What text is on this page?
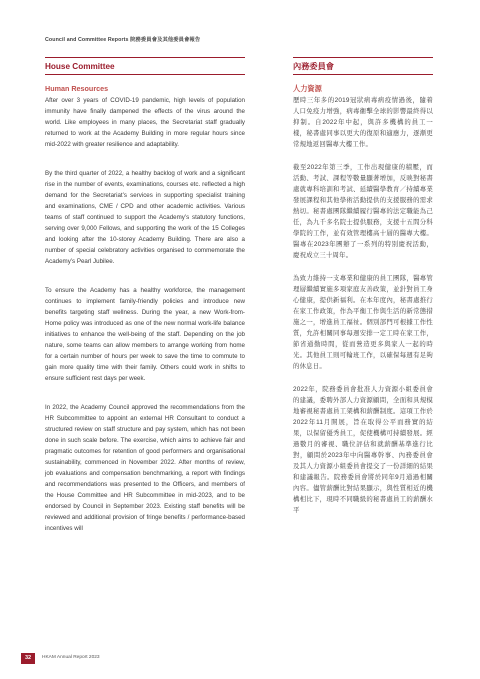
Council and Committee Reports 院務委員會及其他委員會報告
House Committee
Human Resources

After over 3 years of COVID-19 pandemic, high levels of population immunity have finally dampened the effects of the virus around the world. Like employees in many places, the Secretariat staff gradually returned to work at the Academy Building in more regular hours since mid-2022 with greater resilience and adaptability.

By the third quarter of 2022, a healthy backlog of work and a significant rise in the number of events, examinations, courses etc. reflected a high demand for the Secretariat’s services in supporting specialist training and examinations, CME / CPD and other academic activities. Various teams of staff continued to support the Academy’s statutory functions, serving over 9,000 Fellows, and supporting the work of the 15 Colleges and looking after the 10-storey Academy Building. There are also a number of special celebratory activities organised to commemorate the Academy’s Pearl Jubilee.

To ensure the Academy has a healthy workforce, the management continues to implement family-friendly policies and introduce new benefits targeting staff wellness. During the year, a new Work-from-Home policy was introduced as one of the new normal work-life balance initiatives to enhance the well-being of the staff. Depending on the job nature, some teams can allow members to arrange working from home for a certain number of hours per week to save the time to commute to gain more quality time with their family. Others could work in shifts to ensure sufficient rest days per week.

In 2022, the Academy Council approved the recommendations from the HR Subcommittee to appoint an external HR Consultant to conduct a structured review on staff structure and pay system, which has not been done in such scale before. The exercise, which aims to achieve fair and pragmatic outcomes for retention of good performers and organisational sustainability, commenced in November 2022. After months of review, job evaluations and compensation benchmarking, a report with findings and recommendations was presented to the Officers, and members of the House Committee and HR Subcommittee in mid-2023, and to be endorsed by Council in September 2023. Existing staff benefits will be reviewed and additional provision of fringe benefits / performance-based incentives will

內務委員會
人力資源

歷時三年多的2019冠狀病毒病疫情過後，隨着人口免疫力增強，病毒衞擊全球的影響最終得以抑制。自2022年中起，與許多機構的員工一樣，秘書處同事以更大的復原和適應力，逐漸更常規地返回醫專大樓工作。

截至2022年第三季，工作出現健康的積壓，而活動、考試、課程等數量顯著增加，反映對秘書處就專科培訓和考試、延續醫學教育／持續專業發展課程和其他學術活動提供的支援服務的需求熱切。秘書處團隊繼續履行醫專的法定職能為己任，為九千多名院士提供服務，支援十五間分科學院的工作，並有效管理樓高十層的醫專大樓。醫專在2023年團辦了一系列的特別慶祝活動，慶祝成立三十周年。

為致力維持一支專業和健康的員工團隊，醫專管理層繼續實施多項家庭友善政策，並針對員工身心健康，提供新福利。在本年度內，秘書處推行在家工作政策，作為平衡工作與生活的新常態措施之一，增進員工福祉。個別部門可根據工作性質，允許相關同事每週安排一定工時在家工作，節省通勤時間，從而營造更多與家人一起的時光。其他員工則可輪班工作，以確保每週有足夠的休息日。

2022年，院務委員會批准人力資源小組委員會的建議，委聘外部人力資源顧問，全面和具規模地審視秘書處員工架構和薪酬制度。這項工作於2022年11月開展，旨在取得公平而務實的結果，以保留優秀員工，促使機構可持續發展。經過數月的審視、職位評估和就薪酬基準進行比對，顧問於2023年中向醫專幹事、內務委員會及其人力資源小組委員會提交了一份詳細的結果和建議報告。院務委員會將於同年9月通過相關內容。儘管薪酬比對結果顯示，與性質相近的機構相比下，現時不同職級的秘書處員工的薪酬水平

32	HKAM Annual Report 2023
